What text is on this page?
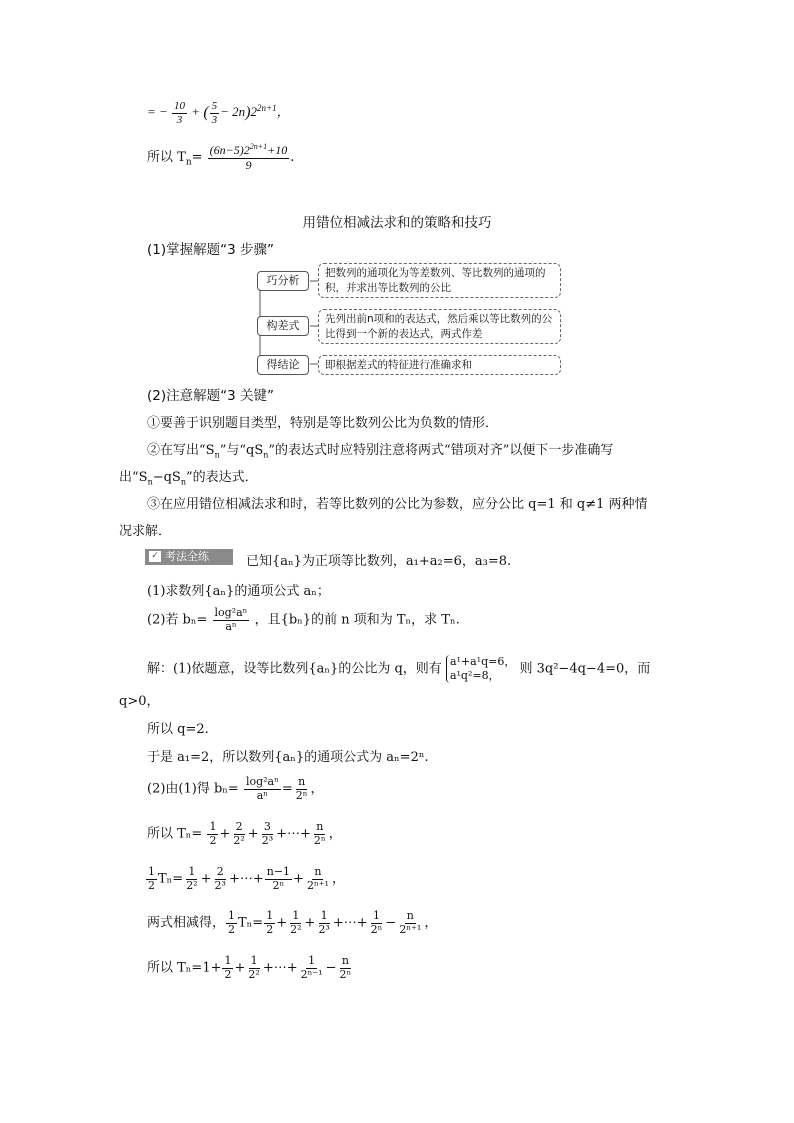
= − $\frac{10}{3}$ + ( $\frac{5}{3} - 2n)2^{2n+1}$，
所以 $T_n= \frac{(6n-5)2^{2n+1}+10}{9}$ .
用错位相减法求和的策略和技巧
(1)掌握解题“3 步骤”
巧分析
把数列的通项化为等差数列、等比数列的通项的积，并求出等比数列的公比
构差式	先列出前n项和的表达式，然后乘以等比数列的公比得到一个新的表达式，两式作差
得结论	即根据差式的特征进行准确求和
(2)注意解题“3 关键”
①要善于识别题目类型，特别是等比数列公比为负数的情形．
②在写出“$S_n$”与“$qS_n$”的表达式时应特别注意将两式“错项对齐”以便下一步准确写
出“$S_n-qS_n$”的表达式．
③在应用错位相减法求和时，若等比数列的公比为参数，应分公比 q=1 和 q≠1 两种情
况求解．
✓ 考法全练	已知{aₙ}为正项等比数列，a₁+a₂=6，a₃=8.
(1)求数列{aₙ}的通项公式 aₙ；
(2)若 $b_n= \frac{\text{log²aⁿ}}{\text{aⁿ}}$ ，且{bₙ}的前 n 项和为 Tₙ，求 Tₙ.
解：(1)依题意，设等比数列{aₙ}的公比为 q，则有 a¹+a¹q=6，
a¹q²=8，	则 3q²−4q−4=0，而
q>0，
所以 q=2.
于是 a₁=2，所以数列{aₙ}的通项公式为 aₙ=2ⁿ.
(2)由(1)得 $b_n= \frac{\text{log²aⁿ}}{\text{aⁿ}} = \frac{n}{\text{2ⁿ}}$ ，
所以 $T_n= \frac{1}{2} + \frac{2}{\text{2²}} + \frac{3}{\text{2³}}$ +⋯+ $\frac{n}{\text{2ⁿ}}$ ，
$\frac{1}{2} T_n= \frac{1}{\text{2²}} + \frac{2}{\text{2³}}$ +⋯+ $\frac{n-1}{\text{2ⁿ}} + \frac{n}{\text{2ⁿ⁺¹}}$ ，
两式相减得， $\frac{1}{2} T_n= \frac{1}{2} + \frac{1}{\text{2²}} + \frac{1}{\text{2³}}$ +⋯+ $\frac{1}{\text{2ⁿ}} - \frac{n}{\text{2ⁿ⁺¹}}$ ，
所以 $T_n=1+ \frac{1}{2} + \frac{1}{\text{2²}}$ +⋯+ $\frac{1}{\text{2ⁿ⁻¹}} - \frac{n}{\text{2ⁿ}}$
